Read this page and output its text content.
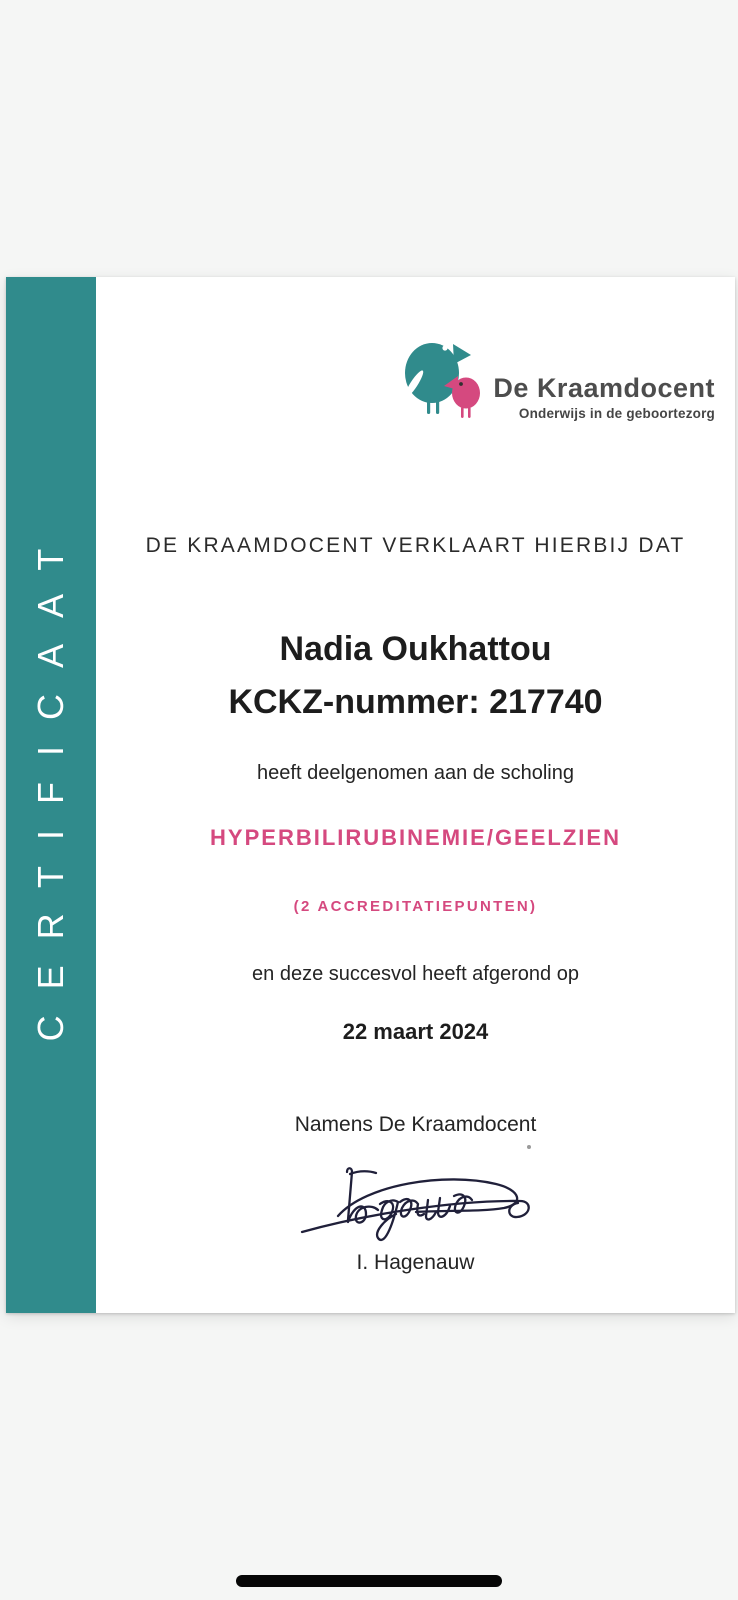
CERTIFICAAT
De Kraamdocent
Onderwijs in de geboortezorg
DE KRAAMDOCENT VERKLAART HIERBIJ DAT
Nadia Oukhattou
KCKZ-nummer: 217740
heeft deelgenomen aan de scholing
HYPERBILIRUBINEMIE/GEELZIEN
(2 ACCREDITATIEPUNTEN)
en deze succesvol heeft afgerond op
22 maart 2024
Namens De Kraamdocent
I. Hagenauw
